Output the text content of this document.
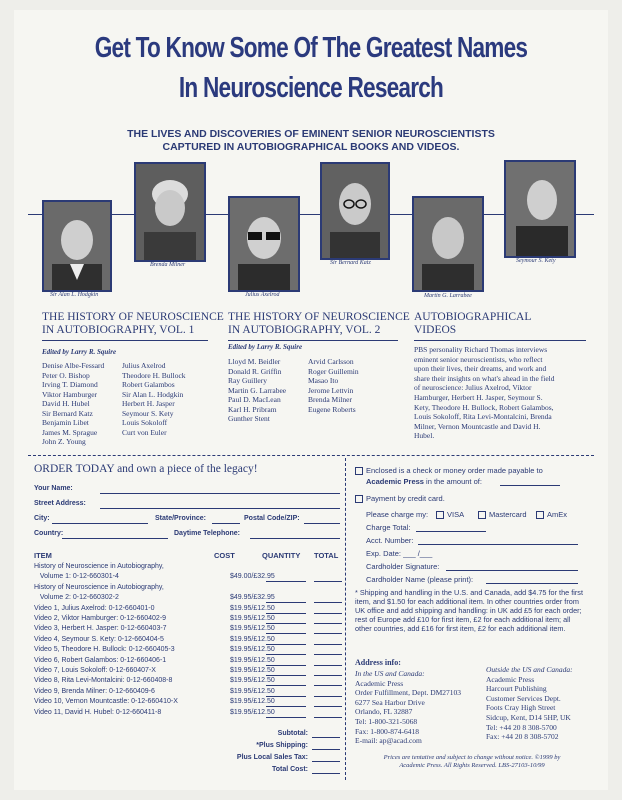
Get To Know Some Of The Greatest Names
In Neuroscience Research
THE LIVES AND DISCOVERIES OF EMINENT SENIOR NEUROSCIENTISTS
CAPTURED IN AUTOBIOGRAPHICAL BOOKS AND VIDEOS.
Sir Alan L. Hodgkin
Brenda Milner
Julius Axelrod
Sir Bernard Katz
Martin G. Larrabee
Seymour S. Kety
THE HISTORY OF NEUROSCIENCE
IN AUTOBIOGRAPHY, VOL. 1
THE HISTORY OF NEUROSCIENCE
IN AUTOBIOGRAPHY, VOL. 2
AUTOBIOGRAPHICAL
VIDEOS
Edited by Larry R. Squire
Denise Albe-Fessard
Peter O. Bishop
Irving T. Diamond
Viktor Hamburger
David H. Hubel
Sir Bernard Katz
Benjamin Libet
James M. Sprague
John Z. Young
Julius Axelrod
Theodore H. Bullock
Robert Galambos
Sir Alan L. Hodgkin
Herbert H. Jasper
Seymour S. Kety
Louis Sokoloff
Curt von Euler
Edited by Larry R. Squire
Lloyd M. Beidler
Donald R. Griffin
Ray Guillery
Martin G. Larrabee
Paul D. MacLean
Karl H. Pribram
Gunther Stent
Arvid Carlsson
Roger Guillemin
Masao Ito
Jerome Lettvin
Brenda Milner
Eugene Roberts
PBS personality Richard Thomas interviews
eminent senior neuroscientists, who reflect
upon their lives, their dreams, and work and
share their insights on what's ahead in the field
of neuroscience: Julius Axelrod, Viktor
Hamburger, Herbert H. Jasper, Seymour S.
Kety, Theodore H. Bullock, Robert Galambos,
Louis Sokoloff, Rita Levi-Montalcini, Brenda
Milner, Vernon Mountcastle and David H.
Hubel.
ORDER TODAY and own a piece of the legacy!
Your Name:
Street Address:
City:	State/Province:	Postal Code/ZIP:
Country:	Daytime Telephone:
ITEM	COST	QUANTITY TOTAL
History of Neuroscience in Autobiography,
Volume 1: 0-12-660301-4	$49.00/£32.95
History of Neuroscience in Autobiography,
Volume 2: 0-12-660302-2	$49.95/£32.95
Video 1, Julius Axelrod: 0-12-660401-0	$19.95/£12.50
Video 2, Viktor Hamburger: 0-12-660402-9	$19.95/£12.50
Video 3, Herbert H. Jasper: 0-12-660403-7	$19.95/£12.50
Video 4, Seymour S. Kety: 0-12-660404-5	$19.95/£12.50
Video 5, Theodore H. Bullock: 0-12-660405-3	$19.95/£12.50
Video 6, Robert Galambos: 0-12-660406-1	$19.95/£12.50
Video 7, Louis Sokoloff: 0-12-660407-X	$19.95/£12.50
Video 8, Rita Levi-Montalcini: 0-12-660408-8	$19.95/£12.50
Video 9, Brenda Milner: 0-12-660409-6	$19.95/£12.50
Video 10, Vernon Mountcastle: 0-12-660410-X	$19.95/£12.50
Video 11, David H. Hubel: 0-12-660411-8	$19.95/£12.50
Subtotal:
*Plus Shipping:
Plus Local Sales Tax:
Total Cost:
Enclosed is a check or money order made payable to
Academic Press in the amount of:
Payment by credit card.
Please charge my:	VISA	Mastercard	AmEx
Charge Total:
Acct. Number:
Exp. Date: ___ /___
Cardholder Signature:
Cardholder Name (please print):
* Shipping and handling in the U.S. and Canada, add $4.75 for the first item, and $1.50 for each additional item. In other countries order from UK office and add shipping and handling: in UK add £5 for each order; rest of Europe add £10 for first item, £2 for each additional item; all other countries, add £16 for first item, £2 for each additional item.
Address info:
In the US and Canada:
Academic Press
Order Fulfillment, Dept. DM27103
6277 Sea Harbor Drive
Orlando, FL 32887
Tel: 1-800-321-5068
Fax: 1-800-874-6418
E-mail: ap@acad.com
Outside the US and Canada:
Academic Press
Harcourt Publishing
Customer Services Dept.
Foots Cray High Street
Sidcup, Kent, D14 5HP, UK
Tel: +44 20 8 308-5700
Fax: +44 20 8 308-5702
Prices are tentative and subject to change without notice. ©1999 by
Academic Press. All Rights Reserved. LBS-27103-10/99
